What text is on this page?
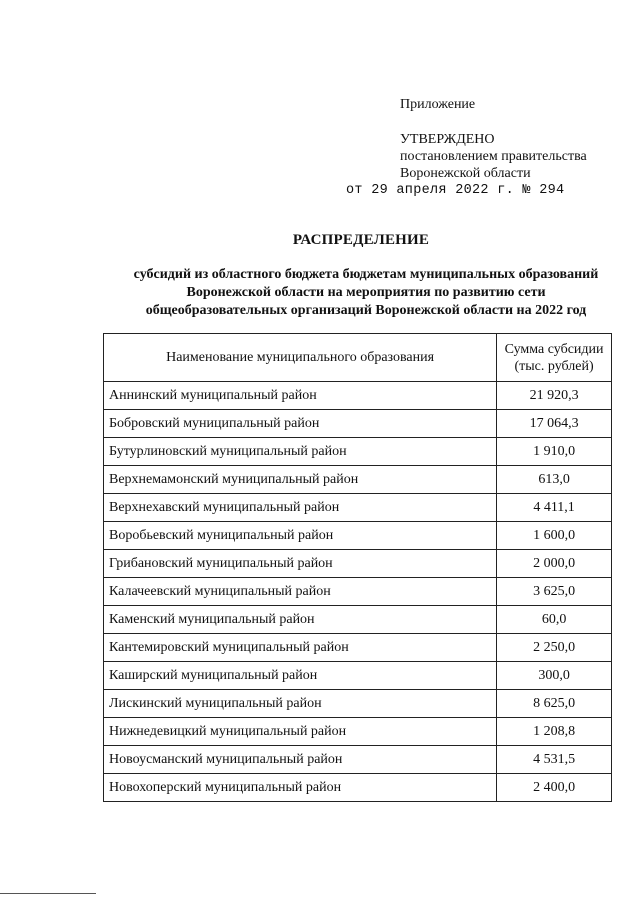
Приложение
УТВЕРЖДЕНО
постановлением правительства
Воронежской области
от 29 апреля 2022 г. № 294
РАСПРЕДЕЛЕНИЕ
субсидий из областного бюджета бюджетам муниципальных образований
Воронежской области на мероприятия по развитию сети
общеобразовательных организаций Воронежской области на 2022 год
Наименование муниципального образования	Сумма субсидии
(тыс. рублей)

Аннинский муниципальный район	21 920,3
Бобровский муниципальный район	17 064,3
Бутурлиновский муниципальный район	1 910,0
Верхнемамонский муниципальный район	613,0
Верхнехавский муниципальный район	4 411,1
Воробьевский муниципальный район	1 600,0
Грибановский муниципальный район	2 000,0
Калачеевский муниципальный район	3 625,0
Каменский муниципальный район	60,0
Кантемировский муниципальный район	2 250,0
Каширский муниципальный район	300,0
Лискинский муниципальный район	8 625,0
Нижнедевицкий муниципальный район	1 208,8
Новоусманский муниципальный район	4 531,5
Новохоперский муниципальный район	2 400,0
